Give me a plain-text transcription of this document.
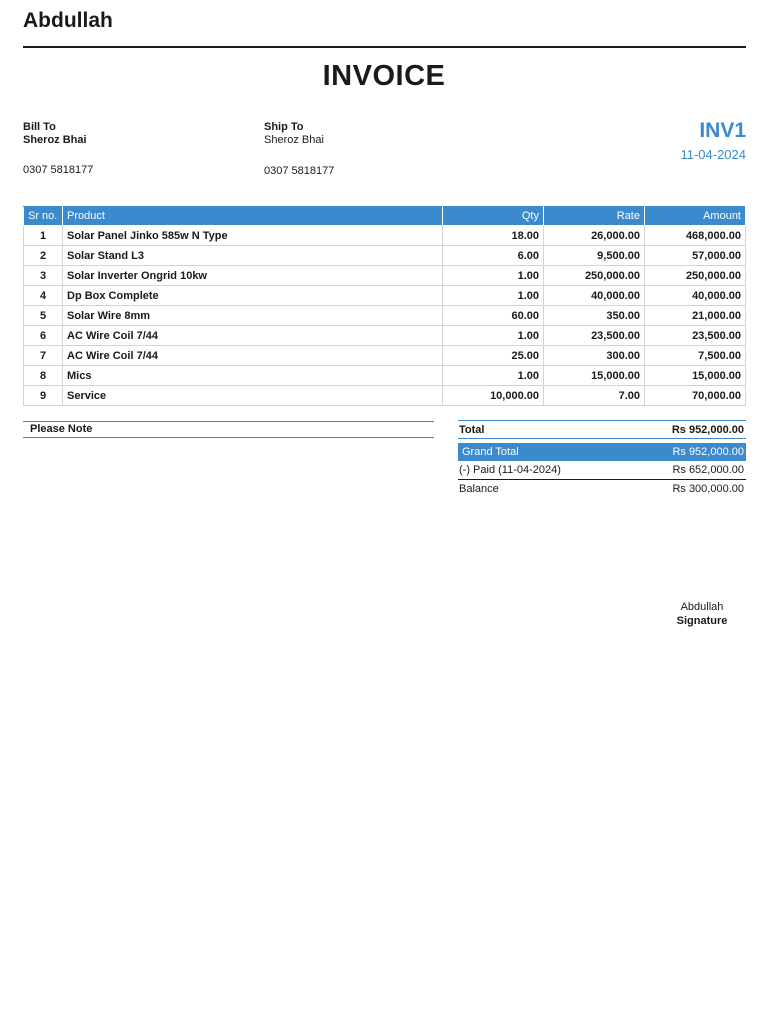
Abdullah
INVOICE
Bill To
Sheroz Bhai
0307 5818177
Ship To
Sheroz Bhai
0307 5818177
INV1
11-04-2024
Sr no.	Product	Qty	Rate	Amount
1	Solar Panel Jinko 585w N Type	18.00	26,000.00	468,000.00
2	Solar Stand L3	6.00	9,500.00	57,000.00
3	Solar Inverter Ongrid 10kw	1.00	250,000.00	250,000.00
4	Dp Box Complete	1.00	40,000.00	40,000.00
5	Solar Wire 8mm	60.00	350.00	21,000.00
6	AC Wire Coil 7/44	1.00	23,500.00	23,500.00
7	AC Wire Coil 7/44	25.00	300.00	7,500.00
8	Mics	1.00	15,000.00	15,000.00
9	Service	10,000.00	7.00	70,000.00
Please Note	Total	Rs 952,000.00
Grand Total	Rs 952,000.00
(-) Paid (11-04-2024)	Rs 652,000.00
Balance	Rs 300,000.00
Abdullah
Signature
